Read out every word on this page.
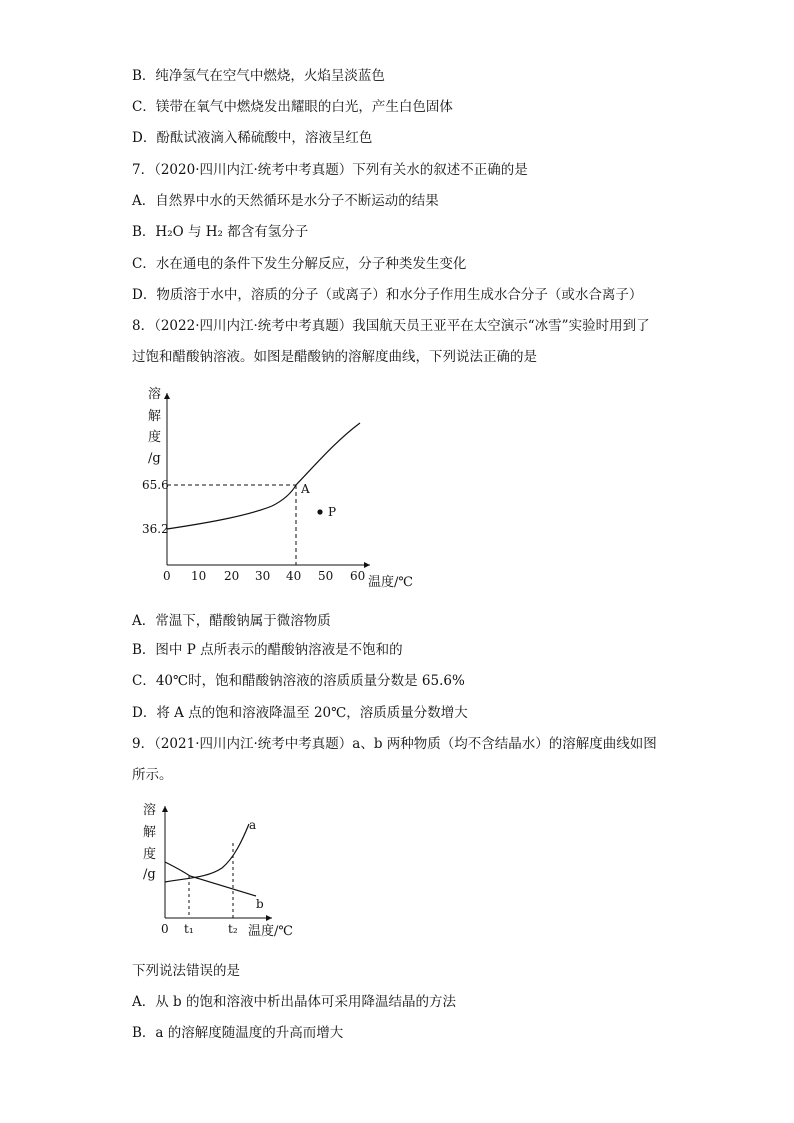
B．纯净氢气在空气中燃烧，火焰呈淡蓝色
C．镁带在氧气中燃烧发出耀眼的白光，产生白色固体
D．酚酞试液滴入稀硫酸中，溶液呈红色
7．（2020·四川内江·统考中考真题）下列有关水的叙述不正确的是
A．自然界中水的天然循环是水分子不断运动的结果
B．H₂O 与 H₂ 都含有氢分子
C．水在通电的条件下发生分解反应，分子种类发生变化
D．物质溶于水中，溶质的分子（或离子）和水分子作用生成水合分子（或水合离子）
8．（2022·四川内江·统考中考真题）我国航天员王亚平在太空演示“冰雪”实验时用到了
过饱和醋酸钠溶液。如图是醋酸钠的溶解度曲线，下列说法正确的是
溶
解
度
/g
65.6
36.2
A
P
0 10 20 30 40 50 60 温度/℃
A．常温下，醋酸钠属于微溶物质
B．图中 P 点所表示的醋酸钠溶液是不饱和的
C．40℃时，饱和醋酸钠溶液的溶质质量分数是 65.6%
D．将 A 点的饱和溶液降温至 20℃，溶质质量分数增大
9．（2021·四川内江·统考中考真题）a、b 两种物质（均不含结晶水）的溶解度曲线如图
所示。
溶
解
度
/g
a
b
0 t₁	t₂ 温度/℃
下列说法错误的是
A．从 b 的饱和溶液中析出晶体可采用降温结晶的方法
B．a 的溶解度随温度的升高而增大
